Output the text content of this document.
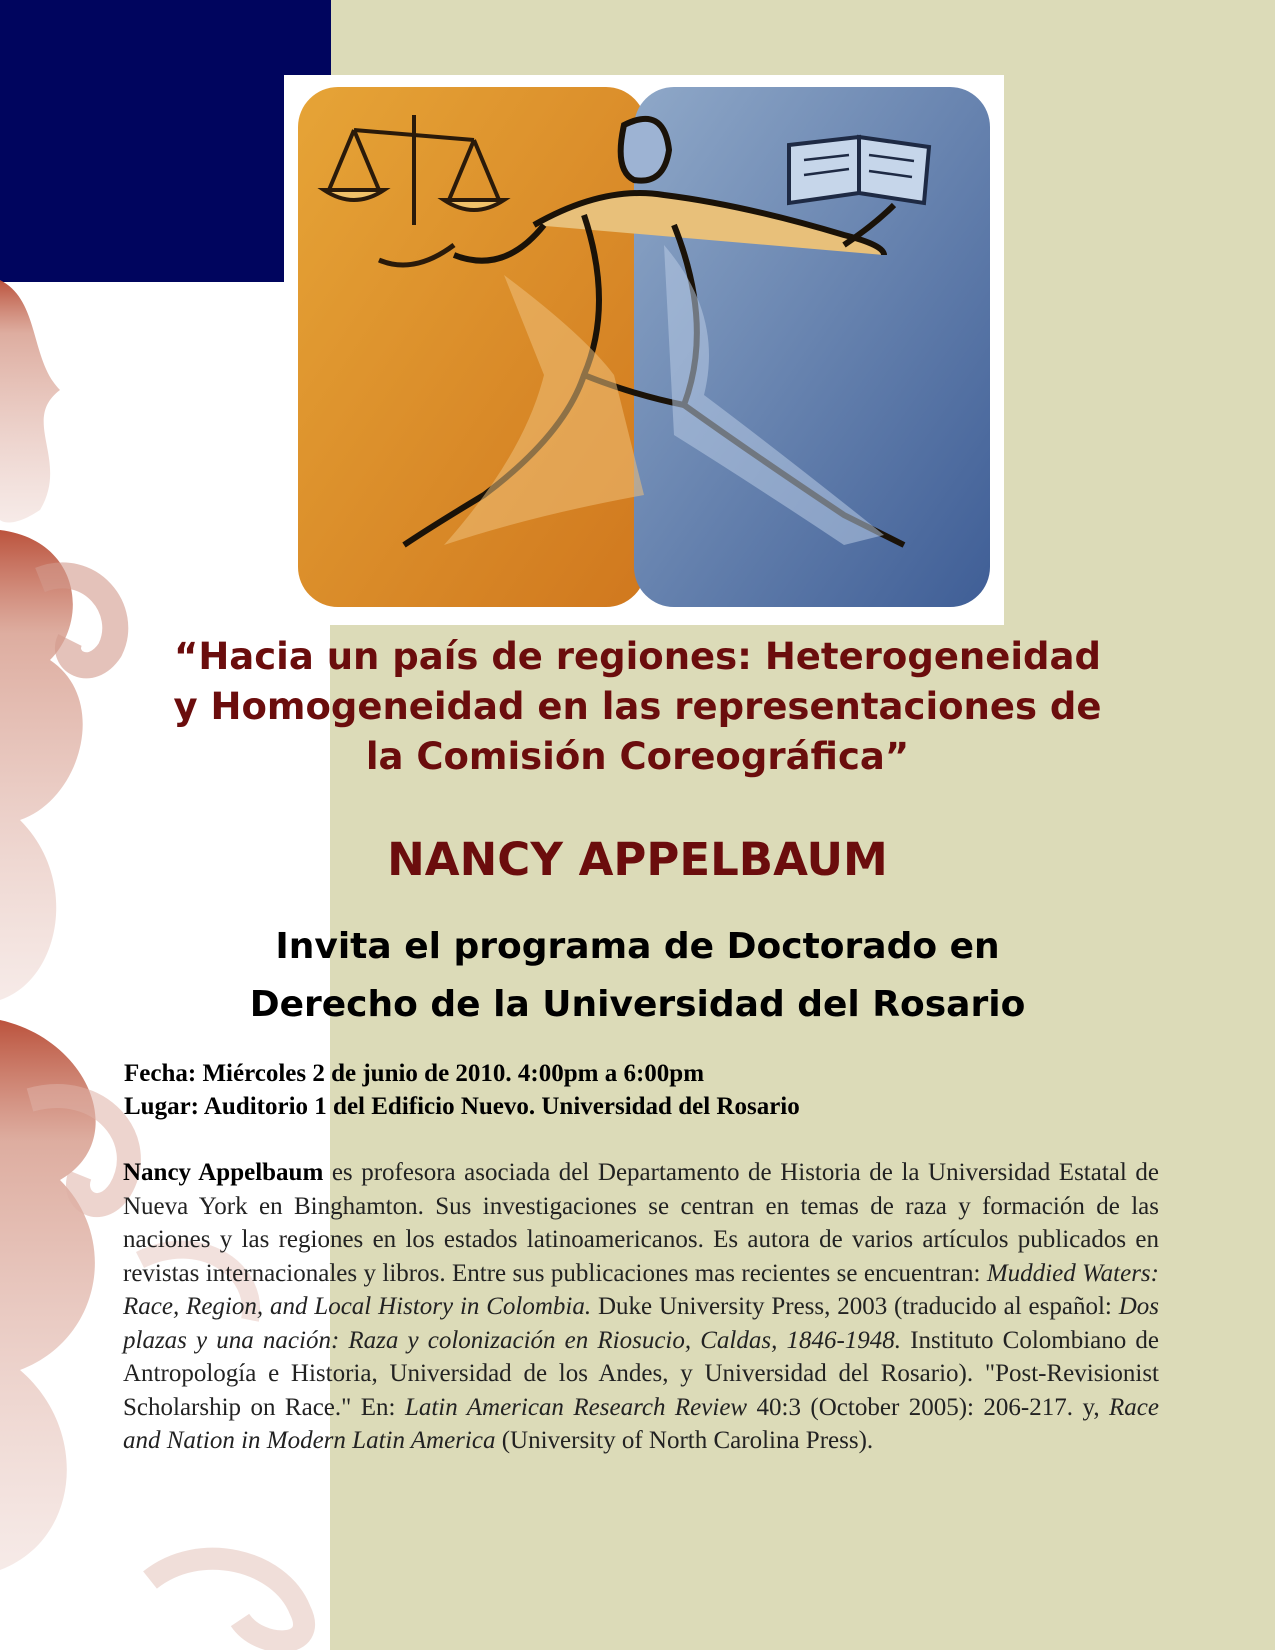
“Hacia un país de regiones: Heterogeneidad
y Homogeneidad en las representaciones de
la Comisión Coreográfica”
NANCY APPELBAUM
Invita el programa de Doctorado en
Derecho de la Universidad del Rosario
Fecha: Miércoles 2 de junio de 2010. 4:00pm a 6:00pm
Lugar: Auditorio 1 del Edificio Nuevo. Universidad del Rosario

Nancy Appelbaum es profesora asociada del Departamento de Historia de la Universidad Estatal de Nueva York en Binghamton. Sus investigaciones se centran en temas de raza y formación de las naciones y las regiones en los estados latinoamericanos. Es autora de varios artículos publicados en revistas internacionales y libros. Entre sus publicaciones mas recientes se encuentran: Muddied Waters: Race, Region, and Local History in Colombia. Duke University Press, 2003 (traducido al español: Dos plazas y una nación: Raza y colonización en Riosucio, Caldas, 1846-1948. Instituto Colombiano de Antropología e Historia, Universidad de los Andes, y Universidad del Rosario). "Post-Revisionist Scholarship on Race." En: Latin American Research Review 40:3 (October 2005): 206-217. y, Race and Nation in Modern Latin America (University of North Carolina Press).
